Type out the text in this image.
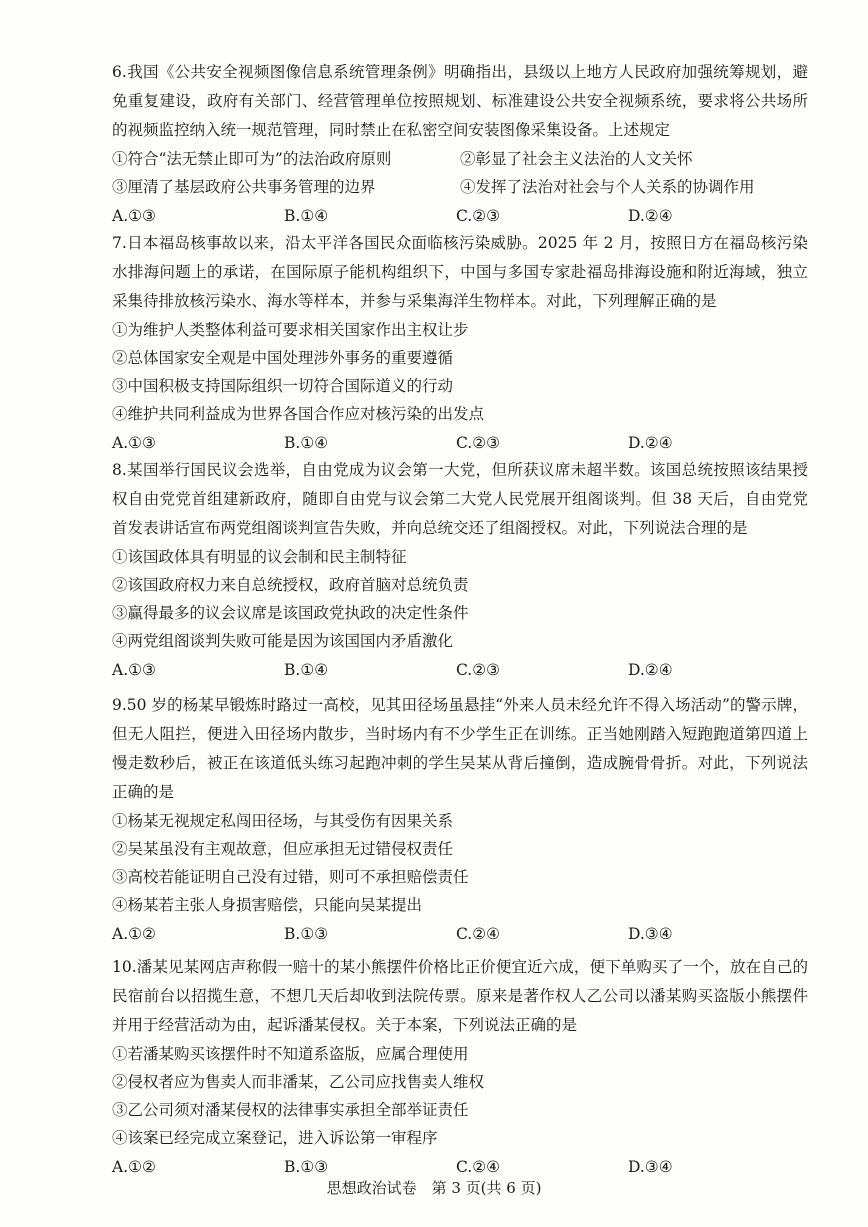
6.我国《公共安全视频图像信息系统管理条例》明确指出，县级以上地方人民政府加强统筹规划，避免重复建设，政府有关部门、经营管理单位按照规划、标准建设公共安全视频系统，要求将公共场所的视频监控纳入统一规范管理，同时禁止在私密空间安装图像采集设备。上述规定

①符合“法无禁止即可为”的法治政府原则	②彰显了社会主义法治的人文关怀
③厘清了基层政府公共事务管理的边界	④发挥了法治对社会与个人关系的协调作用
A.①③	B.①④	C.②③	D.②④

7.日本福岛核事故以来，沿太平洋各国民众面临核污染威胁。2025 年 2 月，按照日方在福岛核污染水排海问题上的承诺，在国际原子能机构组织下，中国与多国专家赴福岛排海设施和附近海域，独立采集待排放核污染水、海水等样本，并参与采集海洋生物样本。对此，下列理解正确的是

①为维护人类整体利益可要求相关国家作出主权让步

②总体国家安全观是中国处理涉外事务的重要遵循

③中国积极支持国际组织一切符合国际道义的行动

④维护共同利益成为世界各国合作应对核污染的出发点

A.①③	B.①④	C.②③	D.②④

8.某国举行国民议会选举，自由党成为议会第一大党，但所获议席未超半数。该国总统按照该结果授权自由党党首组建新政府，随即自由党与议会第二大党人民党展开组阁谈判。但 38 天后，自由党党首发表讲话宣布两党组阁谈判宣告失败，并向总统交还了组阁授权。对此，下列说法合理的是

①该国政体具有明显的议会制和民主制特征

②该国政府权力来自总统授权，政府首脑对总统负责

③赢得最多的议会议席是该国政党执政的决定性条件

④两党组阁谈判失败可能是因为该国国内矛盾激化

A.①③	B.①④	C.②③	D.②④

9.50 岁的杨某早锻炼时路过一高校，见其田径场虽悬挂“外来人员未经允许不得入场活动”的警示牌，但无人阻拦，便进入田径场内散步，当时场内有不少学生正在训练。正当她刚踏入短跑跑道第四道上慢走数秒后，被正在该道低头练习起跑冲刺的学生吴某从背后撞倒，造成腕骨骨折。对此，下列说法正确的是

①杨某无视规定私闯田径场，与其受伤有因果关系

②吴某虽没有主观故意，但应承担无过错侵权责任

③高校若能证明自己没有过错，则可不承担赔偿责任

④杨某若主张人身损害赔偿，只能向吴某提出

A.①②	B.①③	C.②④	D.③④

10.潘某见某网店声称假一赔十的某小熊摆件价格比正价便宜近六成，便下单购买了一个，放在自己的民宿前台以招揽生意，不想几天后却收到法院传票。原来是著作权人乙公司以潘某购买盗版小熊摆件并用于经营活动为由，起诉潘某侵权。关于本案，下列说法正确的是

①若潘某购买该摆件时不知道系盗版，应属合理使用

②侵权者应为售卖人而非潘某，乙公司应找售卖人维权

③乙公司须对潘某侵权的法律事实承担全部举证责任

④该案已经完成立案登记，进入诉讼第一审程序

A.①②	B.①③	C.②④	D.③④
思想政治试卷　第 3 页(共 6 页)
